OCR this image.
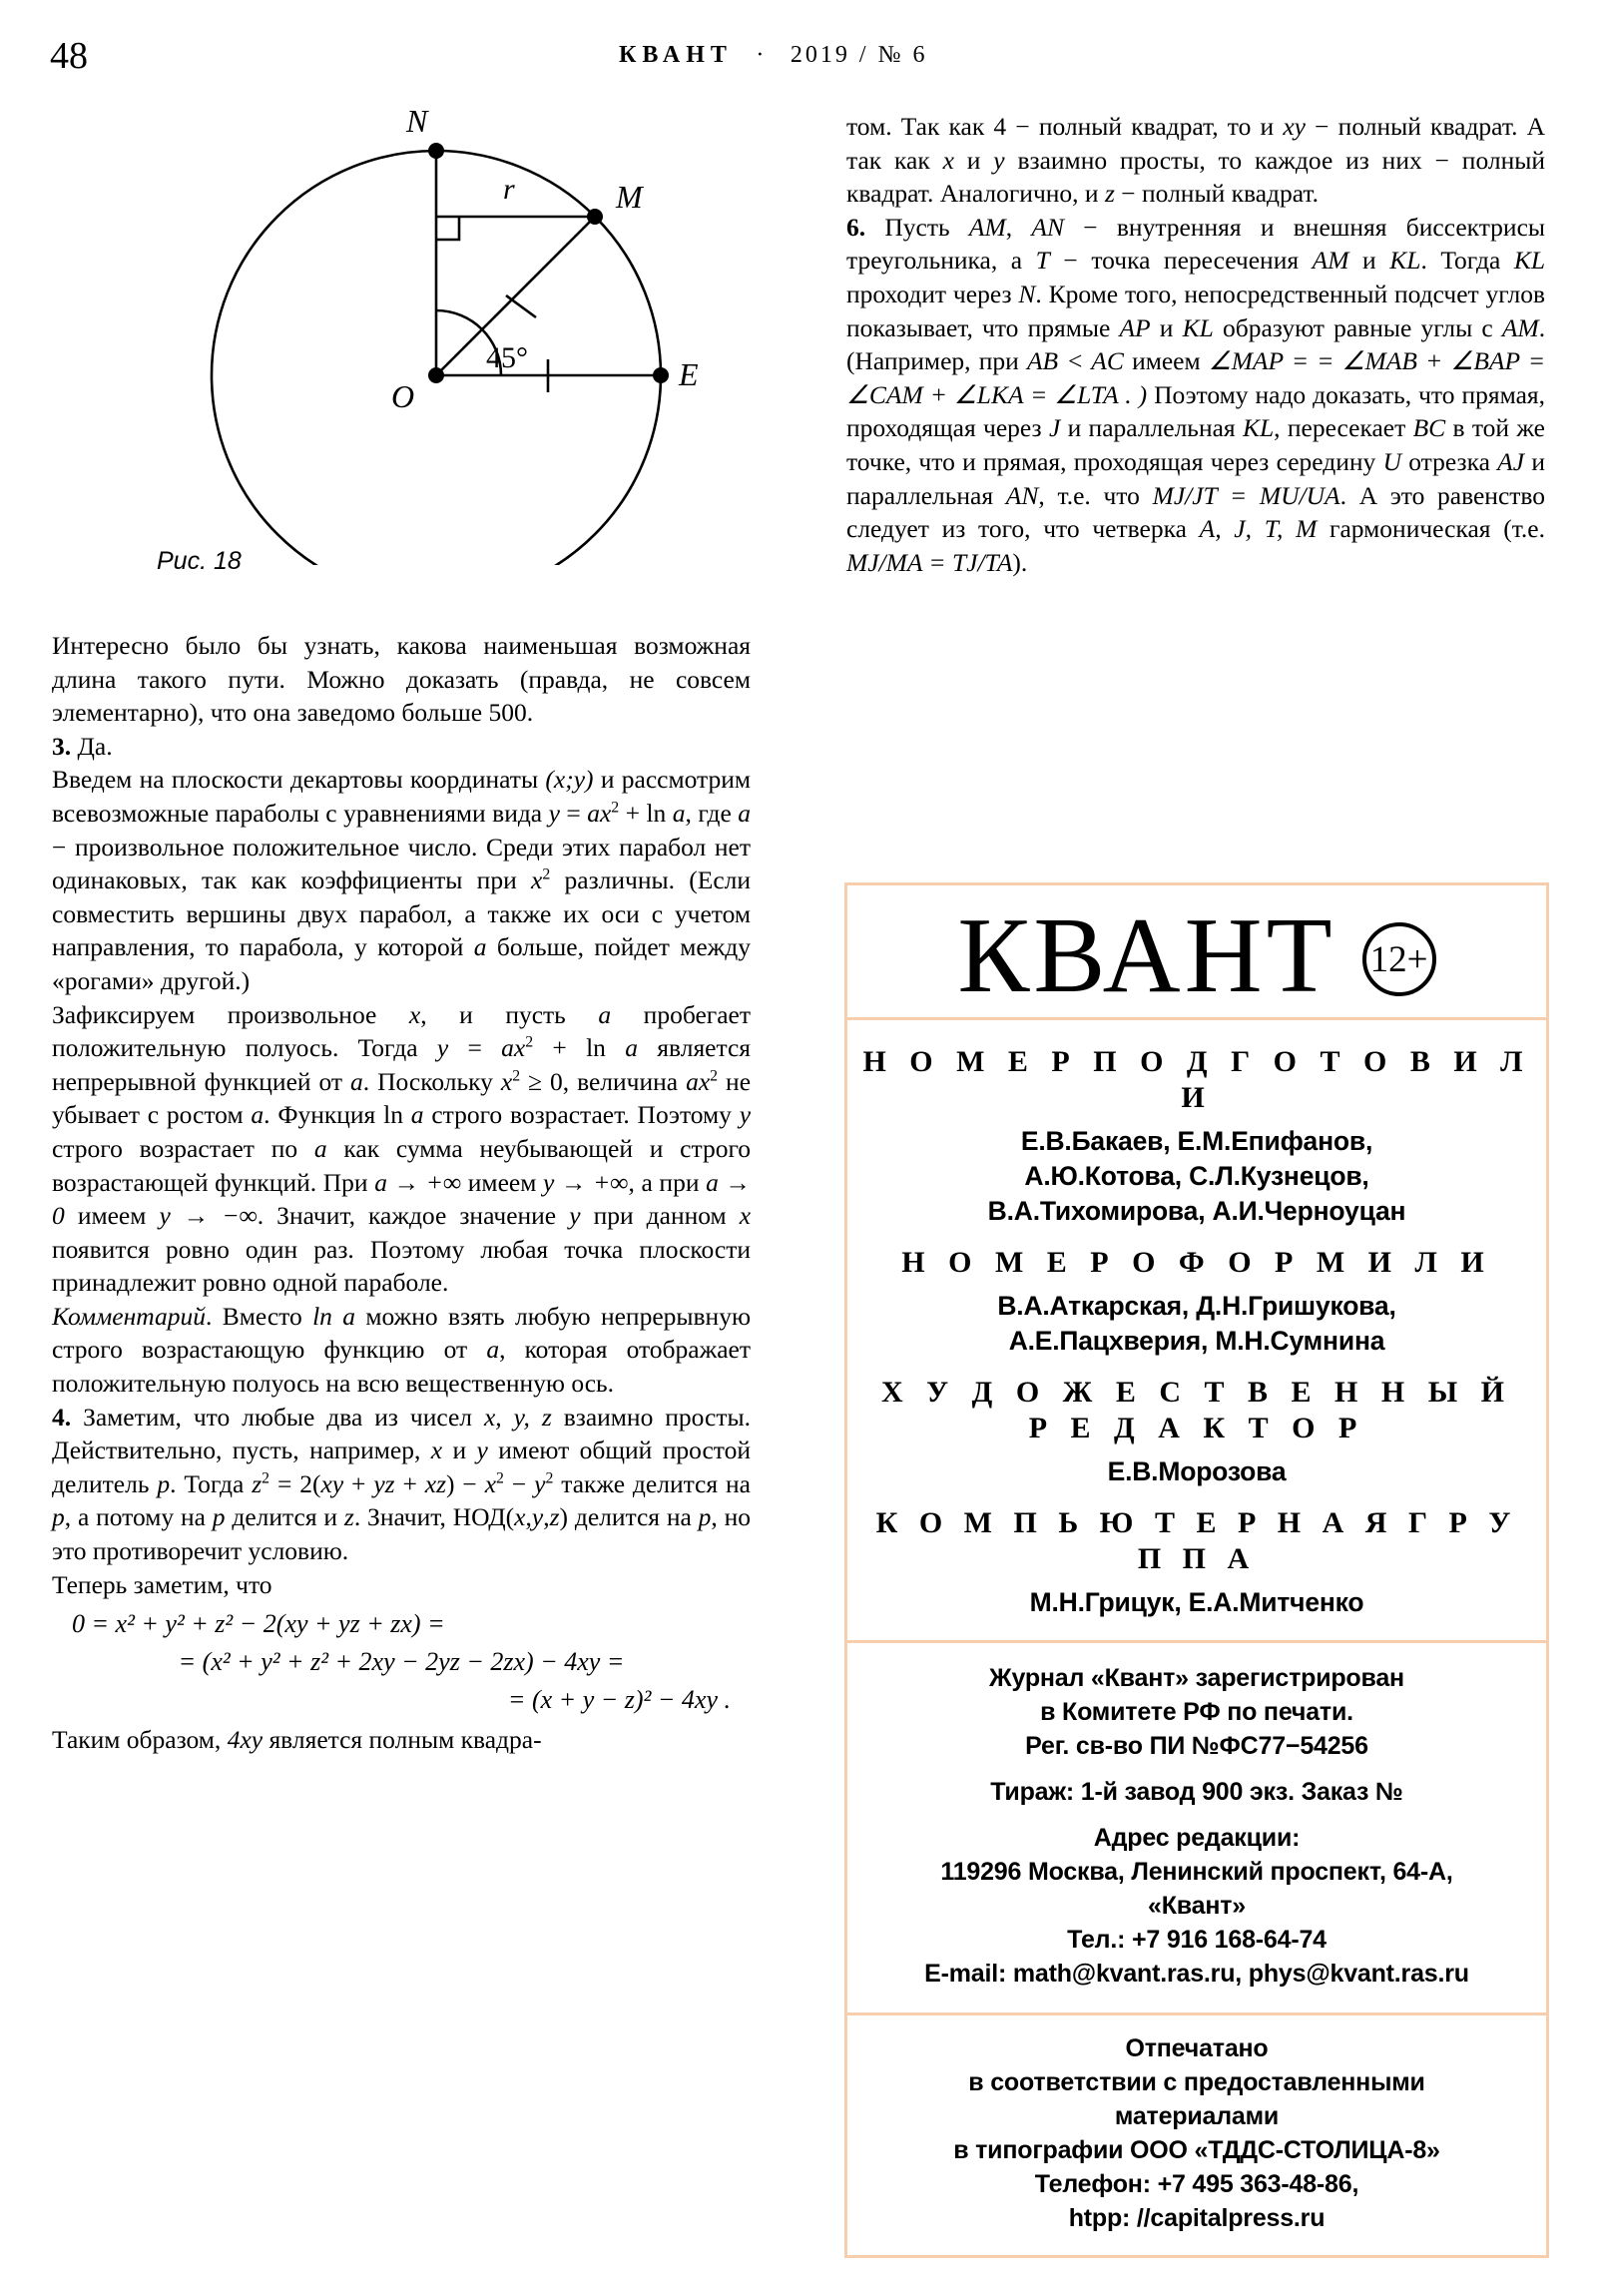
48	КВАНТ · 2019 / № 6
N
M
O
E
r
45°
Рис. 18

Интересно было бы узнать, какова наименьшая возможная длина такого пути. Можно доказать (правда, не совсем элементарно), что она заведомо больше 500.

3. Да.

Введем на плоскости декартовы координаты (x;y) и рассмотрим всевозможные параболы с уравнениями вида $y = ax^2 + \ln a$, где a − произвольное положительное число. Среди этих парабол нет одинаковых, так как коэффициенты при $x^2$ различны. (Если совместить вершины двух парабол, а также их оси с учетом направления, то парабола, у которой a больше, пойдет между «рогами» другой.)

Зафиксируем произвольное x, и пусть a пробегает положительную полуось. Тогда $y = ax^2 + \ln a$ является непрерывной функцией от a. Поскольку $x^2 \ge 0$, величина $ax^2$ не убывает с ростом a. Функция ln a строго возрастает. Поэтому y строго возрастает по a как сумма неубывающей и строго возрастающей функций. При a → +∞ имеем y → +∞, а при a → 0 имеем y → −∞. Значит, каждое значение y при данном x появится ровно один раз. Поэтому любая точка плоскости принадлежит ровно одной параболе.

Комментарий. Вместо ln a можно взять любую непрерывную строго возрастающую функцию от a, которая отображает положительную полуось на всю вещественную ось.

4. Заметим, что любые два из чисел x, y, z взаимно просты. Действительно, пусть, например, x и y имеют общий простой делитель p. Тогда $z^2 = 2(xy$ + yz + $xz) - x^2 - y^2$ также делится на p, а потому на p делится и z. Значит, НОД(x,y,z) делится на p, но это противоречит условию.

Теперь заметим, что

0 = x² + y² + z² − 2(xy + yz + zx) =
= (x² + y² + z² + 2xy − 2yz − 2zx) − 4xy =
= (x + y − z)² − 4xy .

Таким образом, 4xy является полным квадра-

том. Так как 4 − полный квадрат, то и xy − полный квадрат. А так как x и y взаимно просты, то каждое из них − полный квадрат. Аналогично, и z − полный квадрат.

6. Пусть AM, AN − внутренняя и внешняя биссектрисы треугольника, а T − точка пересечения AM и KL. Тогда KL проходит через N. Кроме того, непосредственный подсчет углов показывает, что прямые AP и KL образуют равные углы с AM. (Например, при AB < AC имеем ∠MAP = = ∠MAB + ∠BAP = ∠CAM + ∠LKA = ∠LTA . ) Поэтому надо доказать, что прямая, проходящая через J и параллельная KL, пересекает BC в той же точке, что и прямая, проходящая через середину U отрезка AJ и параллельная AN, т.е. что MJ/JT = MU/UA. А это равенство следует из того, что четверка A, J, T, M гармоническая (т.е. MJ/MA = TJ/TA).

КВАНТ 12+
Н О М Е Р П О Д Г О Т О В И Л И
Е.В.Бакаев, Е.М.Епифанов,
А.Ю.Котова, С.Л.Кузнецов,
В.А.Тихомирова, А.И.Черноуцан
Н О М Е Р О Ф О Р М И Л И
В.А.Аткарская, Д.Н.Гришукова,
А.Е.Пацхверия, М.Н.Сумнина
Х У Д О Ж Е С Т В Е Н Н Ы Й
Р Е Д А К Т О Р
Е.В.Морозова
К О М П Ь Ю Т Е Р Н А Я Г Р У П П А
М.Н.Грицук, Е.А.Митченко
Журнал «Квант» зарегистрирован
в Комитете РФ по печати.
Рег. св-во ПИ №ФС77−54256
Тираж: 1-й завод 900 экз. Заказ №
Адрес редакции:
119296 Москва, Ленинский проспект, 64-А,
«Квант»
Тел.: +7 916 168-64-74
E-mail: math@kvant.ras.ru, phys@kvant.ras.ru
Отпечатано
в соответствии с предоставленными
материалами
в типографии ООО «ТДДС-СТОЛИЦА-8»
Телефон: +7 495 363-48-86,
htpp: //capitalpress.ru
